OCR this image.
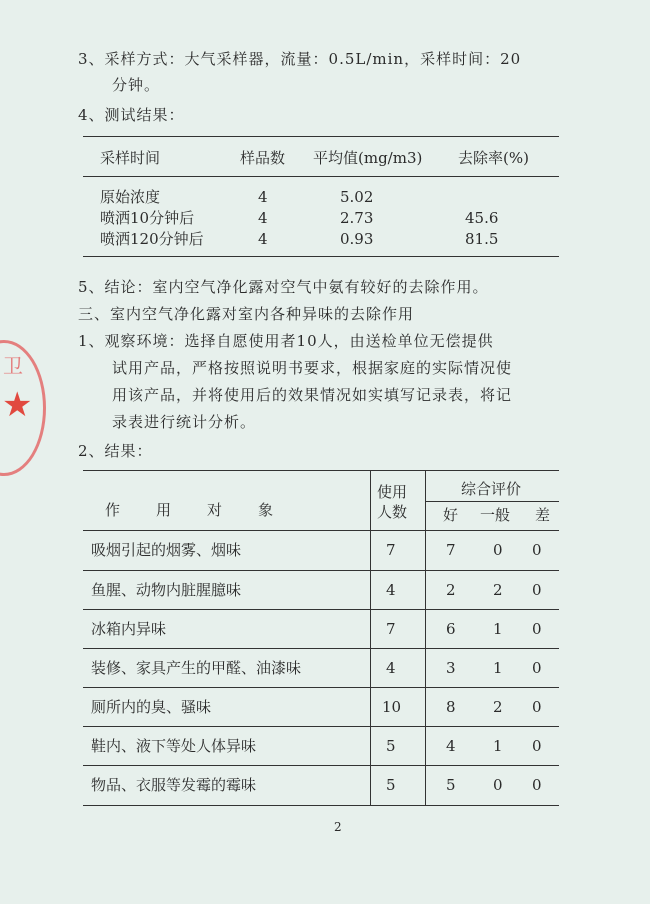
卫
★
3、采样方式：大气采样器，流量：0.5L/min，采样时间：20
分钟。
4、测试结果：
采样时间	样品数 平均值(mg/m3) 去除率(%)
原始浓度	4	5.02
喷洒10分钟后	4	2.73	45.6
喷洒120分钟后	4	0.93	81.5
5、结论：室内空气净化露对空气中氨有较好的去除作用。
三、室内空气净化露对室内各种异味的去除作用
1、观察环境：选择自愿使用者10人，由送检单位无偿提供
试用产品，严格按照说明书要求，根据家庭的实际情况使
用该产品，并将使用后的效果情况如实填写记录表，将记
录表进行统计分析。
2、结果：
作　　用　　对　　象
使用
人数
综合评价
好 一般 差
吸烟引起的烟雾、烟味	7	7 0 0
鱼腥、动物内脏腥臆味	4	2 2 0
冰箱内异味	7	6 1 0
装修、家具产生的甲醛、油漆味	4	3 1 0
厕所内的臭、骚味	10	8 2 0
鞋内、液下等处人体异味	5	4 1 0
物品、衣服等发霉的霉味	5	5 0 0
2
